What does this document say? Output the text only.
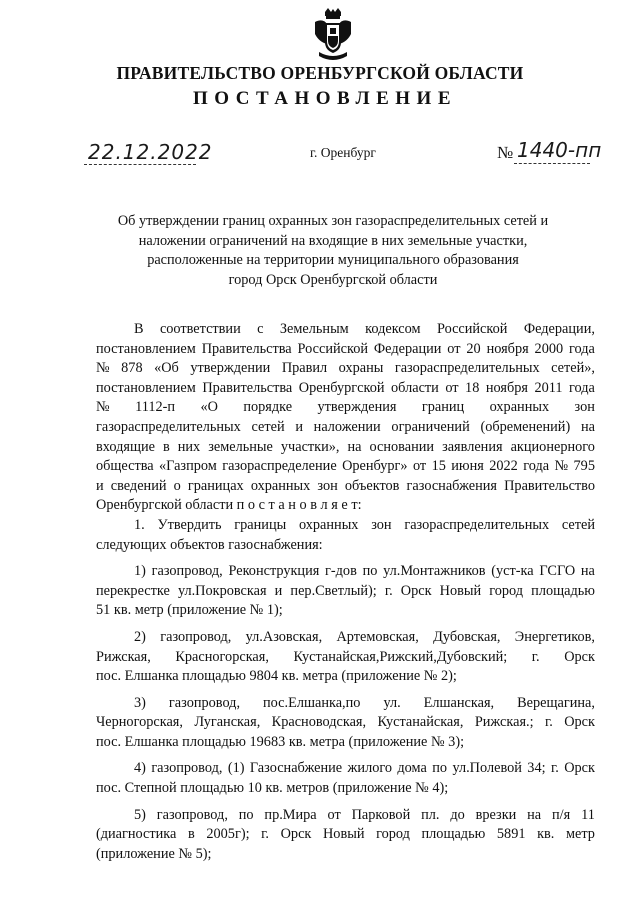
ПРАВИТЕЛЬСТВО ОРЕНБУРГСКОЙ ОБЛАСТИ
ПОСТАНОВЛЕНИЕ
22.12.2022	г. Оренбург	№ 1440-пп
Об утверждении границ охранных зон газораспределительных сетей и
наложении ограничений на входящие в них земельные участки,
расположенные на территории муниципального образования
город Орск Оренбургской области
В соответствии с Земельным кодексом Российской Федерации,
постановлением Правительства Российской Федерации от 20 ноября 2000 года
№ 878 «Об утверждении Правил охраны газораспределительных сетей»,
постановлением Правительства Оренбургской области от 18 ноября 2011 года
№ 1112-п «О порядке утверждения границ охранных зон
газораспределительных сетей и наложении ограничений (обременений) на
входящие в них земельные участки», на основании заявления акционерного
общества «Газпром газораспределение Оренбург» от 15 июня 2022 года № 795
и сведений о границах охранных зон объектов газоснабжения Правительство
Оренбургской области п о с т а н о в л я е т:
1. Утвердить границы охранных зон газораспределительных сетей
следующих объектов газоснабжения:
1) газопровод, Реконструкция г-дов по ул.Монтажников (уст-ка ГСГО на
перекрестке ул.Покровская и пер.Светлый); г. Орск Новый город площадью
51 кв. метр (приложение № 1);
2) газопровод, ул.Азовская, Артемовская, Дубовская, Энергетиков,
Рижская, Красногорская, Кустанайская,Рижский,Дубовский; г. Орск
пос. Елшанка площадью 9804 кв. метра (приложение № 2);
3) газопровод, пос.Елшанка,по ул. Елшанская, Верещагина,
Черногорская, Луганская, Красноводская, Кустанайская, Рижская.; г. Орск
пос. Елшанка площадью 19683 кв. метра (приложение № 3);
4) газопровод, (1) Газоснабжение жилого дома по ул.Полевой 34; г. Орск
пос. Степной площадью 10 кв. метров (приложение № 4);
5) газопровод, по пр.Мира от Парковой пл. до врезки на п/я 11
(диагностика в 2005г); г. Орск Новый город площадью 5891 кв. метр
(приложение № 5);
